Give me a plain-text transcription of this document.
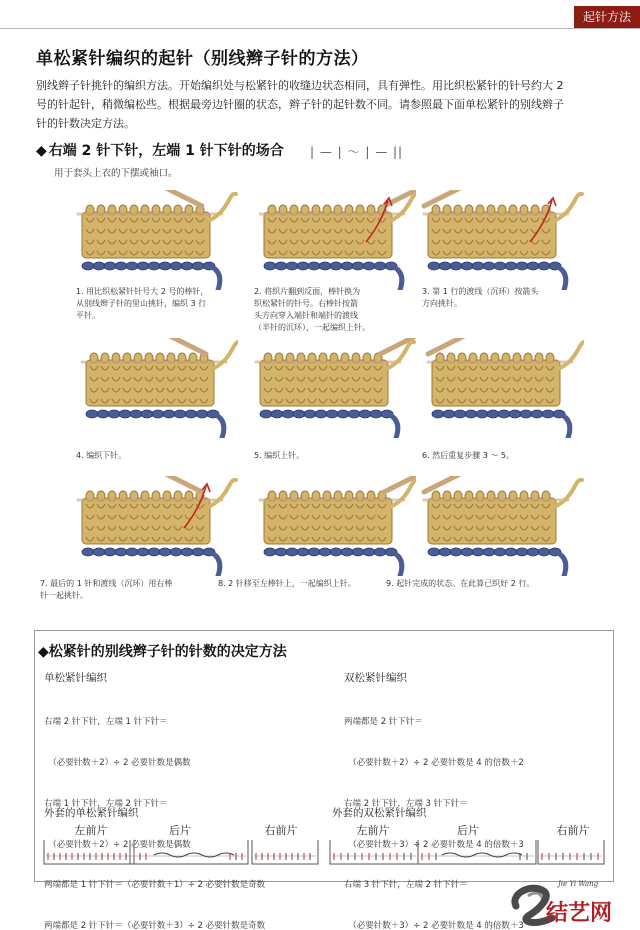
起针方法
单松紧针编织的起针（别线辫子针的方法）

别线辫子针挑针的编织方法。开始编织处与松紧针的收缝边状态相同，具有弹性。用比织松紧针的针号约大 2

号的针起针，稍微编松些。根据最旁边针圈的状态，辫子针的起针数不同。请参照最下面单松紧针的别线辫子

针的针数决定方法。

◆ 右端 2 针下针，左端 1 针下针的场合 | — | ～ | — ||
用于套头上衣的下摆或袖口。
1. 用比织松紧针针号大 2 号的棒针，
从别线辫子针的里山挑针，编织 3 行
平针。
2. 将织片翻到反面，棒针换为
织松紧针的针号。右棒针按箭
头方向穿入端针和端针的渡线
（半针的沉环），一起编织上针。
3. 第 1 行的渡线（沉环）按箭头
方向挑针。
4. 编织下针。	5. 编织上针。	6. 然后重复步骤 3 ～ 5。
7. 最后的 1 针和渡线（沉环）用右棒
针一起挑针。
8. 2 针移至左棒针上，一起编织上针。	9. 起针完成的状态。在此算已织好 2 行。
◆松紧针的别线辫子针的针数的决定方法
单松紧针编织

右端 2 针下针，左端 1 针下针＝

　（必要针数＋2）÷ 2 必要针数是偶数

右端 1 针下针，左端 2 针下针＝

　（必要针数＋2）÷ 2 必要针数是偶数

两端都是 1 针下针＝（必要针数＋1）÷ 2 必要针数是奇数

两端都是 2 针下针＝（必要针数＋3）÷ 2 必要针数是奇数

双松紧针编织

两端都是 2 针下针＝

　（必要针数＋2）÷ 2 必要针数是 4 的倍数＋2

右端 2 针下针，左端 3 针下针＝

　（必要针数＋3）÷ 2 必要针数是 4 的倍数＋3

右端 3 针下针，左端 2 针下针＝

　（必要针数＋3）÷ 2 必要针数是 4 的倍数＋3

外套的单松紧针编织	外套的双松紧针编织
左前片	后片	右前片	左前片	后片	右前片
Jie Yi Wang
结艺网
